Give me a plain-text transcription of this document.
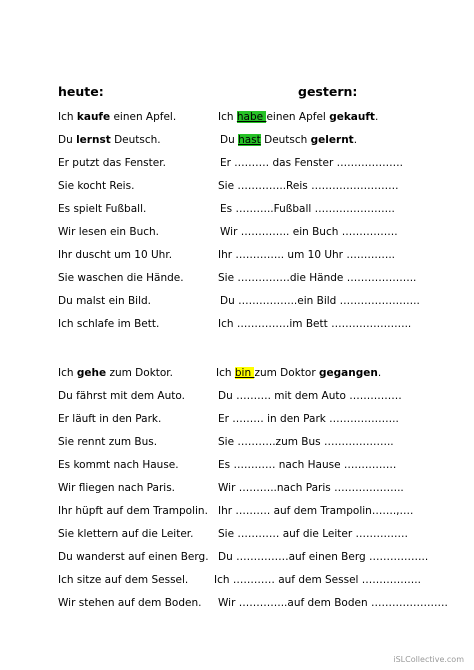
heute:	gestern:
Ich kaufe einen Apfel.	Ich habe einen Apfel gekauft.
Du lernst Deutsch.	Du hast Deutsch gelernt.
Er putzt das Fenster.	Er .……… das Fenster ……………….
Sie kocht Reis.	Sie …………..Reis …………………….
Es spielt Fußball.	Es ………..Fußball …………………..
Wir lesen ein Buch.	Wir ………….. ein Buch …………….
Ihr duscht um 10 Uhr.	Ihr ………….. um 10 Uhr …………..
Sie waschen die Hände.	Sie ……………die Hände ………………..
Du malst ein Bild.	Du ……………..ein Bild …………………..
Ich schlafe im Bett.	Ich ……………im Bett …………………..
Ich gehe zum Doktor.	Ich bin zum Doktor gegangen.
Du fährst mit dem Auto.	Du ………. mit dem Auto ……………
Er läuft in den Park.	Er ……… in den Park ………………..
Sie rennt zum Bus.	Sie ………..zum Bus ………………..
Es kommt nach Hause.	Es ………… nach Hause ……………
Wir fliegen nach Paris.	Wir ………..nach Paris ………………..
Ihr hüpft auf dem Trampolin. Ihr ………. auf dem Trampolin…….,….
Sie klettern auf die Leiter. Sie ………… auf die Leiter ……………
Du wanderst auf einen Berg. Du ……………auf einen Berg ……………..
Ich sitze auf dem Sessel. Ich ………… auf dem Sessel ……………..
Wir stehen auf dem Boden. Wir …………..auf dem Boden ………………….
iSLCollective.com
